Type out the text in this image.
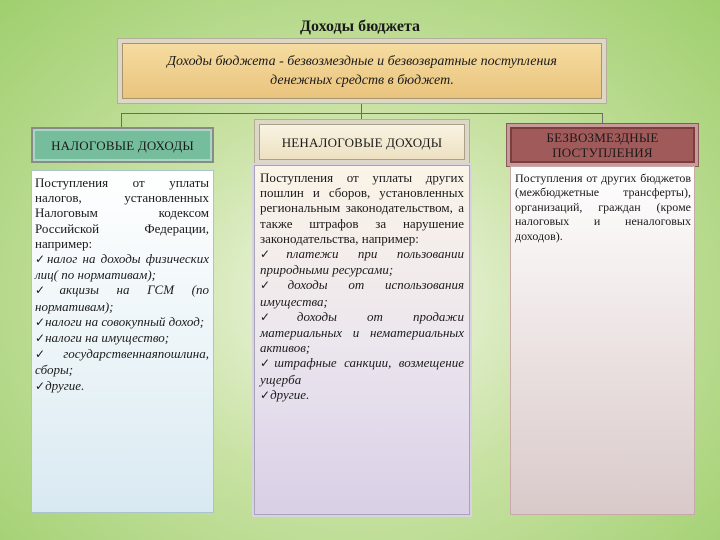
Доходы бюджета
Доходы бюджета - безвозмездные и безвозвратные поступления денежных средств в бюджет.
НАЛОГОВЫЕ ДОХОДЫ	НЕНАЛОГОВЫЕ ДОХОДЫ	БЕЗВОЗМЕЗДНЫЕ ПОСТУПЛЕНИЯ
Поступления от уплаты налогов, установленных Налоговым кодексом Российской Федерации, например:
✓налог на доходы физических лиц( по нормативам);
✓акцизы на ГСМ (по нормативам);
✓налоги на совокупный доход;
✓налоги на имущество;
✓государственнаяпошлина, сборы;
✓другие.
Поступления от уплаты других пошлин и сборов, установленных региональным законодательством, а также штрафов за нарушение законодательства, например:
✓платежи при пользовании природными ресурсами;
✓доходы от использования имущества;
✓доходы от продажи материальных и нематериальных активов;
✓штрафные санкции, возмещение ущерба
✓другие.
Поступления от других бюджетов (межбюджетные трансферты), организаций, граждан (кроме налоговых и неналоговых доходов).
